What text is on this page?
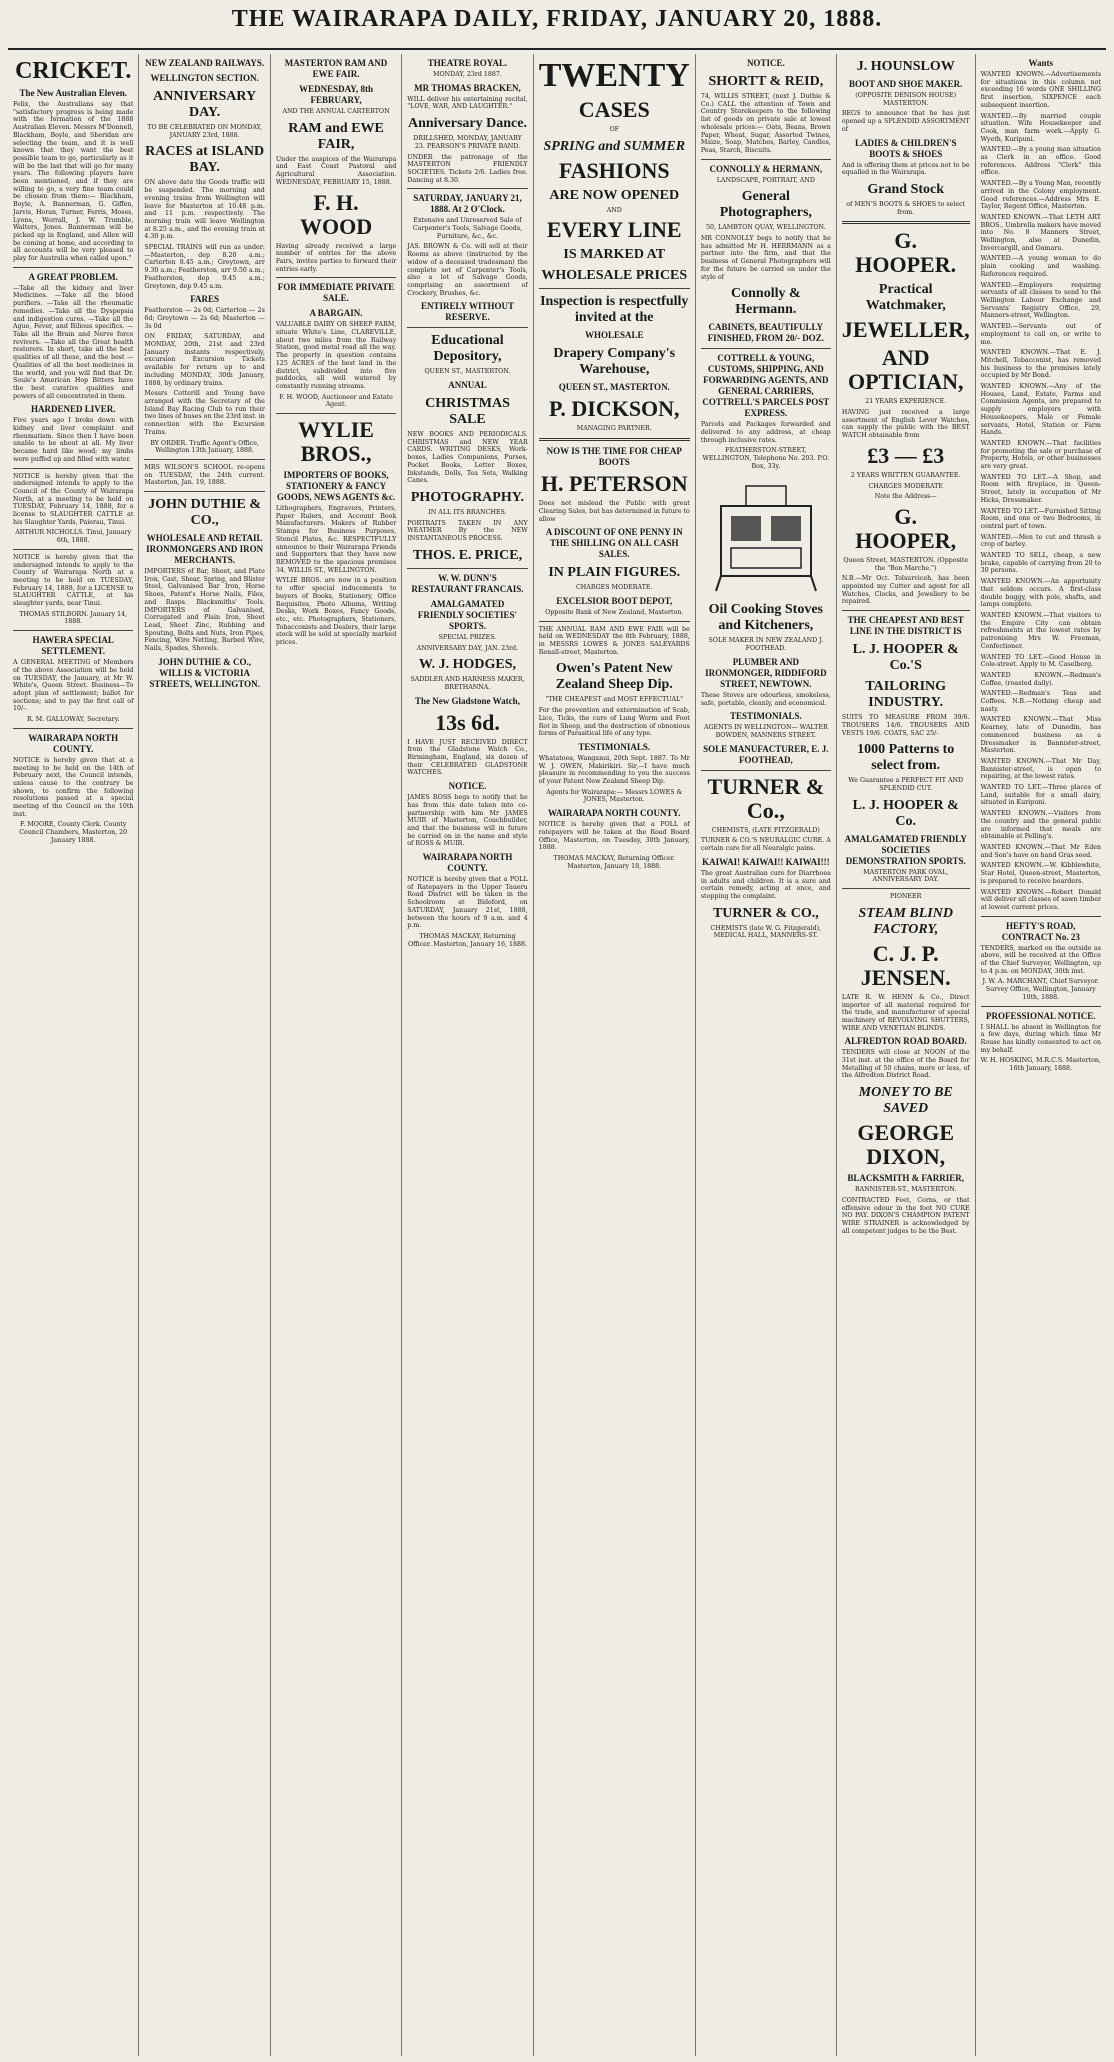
THE WAIRARAPA DAILY, FRIDAY, JANUARY 20, 1888.
CRICKET.
The New Australian Eleven.

Felix, the Australians say that "satisfactory progress is being made with the formation of the 1888 Australian Eleven. Messrs M'Donnell, Blackham, Boyle, and Sheridan are selecting the team, and it is well known that they want the best possible team to go, particularly as it will be the last that will go for many years. The following players have been mentioned, and if they are willing to go, a very fine team could be chosen from them:— Blackham, Boyle, A. Bannerman, G. Giffen, Jarvis, Horan, Turner, Ferris, Moses, Lyons, Worrall, J. W. Trumble, Walters, Jones. Bannerman will be picked up in England, and Allen will be coming at home, and according to all accounts will be very pleased to play for Australia when called upon."

A GREAT PROBLEM.

—Take all the kidney and liver Medicines. —Take all the blood purifiers. —Take all the rheumatic remedies. —Take all the Dyspepsia and indigestion cures. —Take all the Ague, Fever, and Bilious specifics. —Take all the Brain and Nerve force revivers. —Take all the Great health restorers. In short, take all the best qualities of all these, and the best — Qualities of all the best medicines in the world, and you will find that Dr. Soule's American Hop Bitters have the best curative qualities and powers of all concentrated in them.

HARDENED LIVER.

Five years ago I broke down with kidney and liver complaint and rheumatism. Since then I have been unable to be about at all. My liver became hard like wood; my limbs were puffed up and filled with water.

NOTICE is hereby given that the undersigned intends to apply to the Council of the County of Wairarapa North, at a meeting to be held on TUESDAY, February 14, 1888, for a license to SLAUGHTER CATTLE at his Slaughter Yards, Paierau, Tinui.

ARTHUR NICHOLLS. Tinui, January 6th, 1888.

NOTICE is hereby given that the undersigned intends to apply to the County of Wairarapa North at a meeting to be held on TUESDAY, February 14, 1888, for a LICENSE to SLAUGHTER CATTLE, at his slaughter yards, near Tinui.

THOMAS STILBORN. January 14, 1888.

HAWERA SPECIAL SETTLEMENT.

A GENERAL MEETING of Members of the above Association will be held on TUESDAY, the January, at Mr W. White's, Queen Street. Business—To adopt plan of settlement; ballot for sections; and to pay the first call of 10/-.

R. M. GALLOWAY, Secretary.

WAIRARAPA NORTH COUNTY.

NOTICE is hereby given that at a meeting to be held on the 14th of February next, the Council intends, unless cause to the contrary be shown, to confirm the following resolutions passed at a special meeting of the Council on the 10th inst.

F. MOORE, County Clerk. County Council Chambers, Masterton, 20 January 1888.

NEW ZEALAND RAILWAYS.
WELLINGTON SECTION.
ANNIVERSARY DAY.

TO BE CELEBRATED ON MONDAY, JANUARY 23rd, 1888.

RACES at ISLAND BAY.

ON above date the Goods traffic will be suspended. The morning and evening trains from Wellington will leave for Masterton at 10.48 p.m. and 11 p.m. respectively. The morning train will leave Wellington at 8.25 a.m., and the evening train at 4.30 p.m.

SPECIAL TRAINS will run as under:—Masterton, dep 8.20 a.m.; Carterton 8.45 a.m.; Greytown, arr 9.30 a.m.; Featherston, arr 9.50 a.m.; Featherston, dep 9.45 a.m.; Greytown, dep 9.45 a.m.

FARES

Featherston — 2s 0d; Carterton — 2s 6d; Greytown — 2s 6d; Masterton — 3s 0d

ON FRIDAY, SATURDAY, and MONDAY, 20th, 21st and 23rd January instants respectively, excursion Excursion Tickets available for return up to and including MONDAY, 30th January, 1888, by ordinary trains.

Messrs Cotterill and Young have arranged with the Secretary of the Island Bay Racing Club to run their two lines of buses on the 23rd inst. in connection with the Excursion Trains.

BY ORDER. Traffic Agent's Office, Wellington 13th January, 1888.

MRS WILSON'S SCHOOL re-opens on TUESDAY, the 24th current. Masterton, Jan. 19, 1888.

JOHN DUTHIE & CO.,
WHOLESALE AND RETAIL IRONMONGERS AND IRON MERCHANTS.

IMPORTERS of Bar, Sheet, and Plate Iron, Cast, Shear, Spring, and Blister Steel, Galvanised Bar Iron, Horse Shoes, Patent's Horse Nails, Files, and Rasps. Blacksmiths' Tools. IMPORTERS of Galvanised, Corrugated and Plain Iron, Sheet Lead, Sheet Zinc, Rubbing and Spouting, Bolts and Nuts, Iron Pipes, Fencing, Wire Netting, Barbed Wire, Nails, Spades, Shovels.

JOHN DUTHIE & CO., WILLIS & VICTORIA STREETS, WELLINGTON.
MASTERTON RAM AND EWE FAIR.
WEDNESDAY, 8th FEBRUARY,

AND THE ANNUAL CARTERTON

RAM and EWE FAIR,

Under the auspices of the Wairarapa and East Coast Pastoral and Agricultural Association. WEDNESDAY, FEBRUARY 15, 1888.

F. H. WOOD

Having already received a large number of entries for the above Fairs, invites parties to forward their entries early.

FOR IMMEDIATE PRIVATE SALE.
A BARGAIN.

VALUABLE DAIRY OR SHEEP FARM, situate White's Line, CLAREVILLE, about two miles from the Railway Station, good metal road all the way. The property in question contains 125 ACRES of the best land in the district, subdivided into five paddocks, all well watered by constantly running streams.

F. H. WOOD, Auctioneer and Estate Agent.

WYLIE BROS.,
IMPORTERS OF BOOKS, STATIONERY & FANCY GOODS, NEWS AGENTS &c.

Lithographers, Engravers, Printers, Paper Rulers, and Account Book Manufacturers. Makers of Rubber Stamps for Business Purposes, Stencil Plates, &c. RESPECTFULLY announce to their Wairarapa Friends and Supporters that they have now REMOVED to the spacious premises 34, WILLIS ST., WELLINGTON.

WYLIE BROS. are now in a position to offer special inducements to buyers of Books, Stationery, Office Requisites, Photo Albums, Writing Desks, Work Boxes, Fancy Goods, etc., etc. Photographers, Stationers, Tobacconists and Dealers, their large stock will be sold at specially marked prices.

THEATRE ROYAL.

MONDAY, 23rd 1887.

MR THOMAS BRACKEN,

WILL deliver his entertaining recital, "LOVE, WAR, AND LAUGHTER."

Anniversary Dance.

DRILLSHED, MONDAY, JANUARY 23. PEARSON'S PRIVATE BAND.

UNDER the patronage of the MASTERTON FRIENDLY SOCIETIES. Tickets 2/6. Ladies free. Dancing at 8.30.

SATURDAY, JANUARY 21, 1888. At 2 O'Clock.

Extensive and Unreserved Sale of Carpenter's Tools, Salvage Goods, Furniture, &c., &c.

JAS. BROWN & Co. will sell at their Rooms as above (instructed by the widow of a deceased tradesman) the complete set of Carpenter's Tools, also a lot of Salvage Goods, comprising an assortment of Crockery, Brushes, &c.

ENTIRELY WITHOUT RESERVE.
Educational Depository,

QUEEN ST., MASTERTON.

ANNUAL
CHRISTMAS SALE

NEW BOOKS AND PERIODICALS. CHRISTMAS and NEW YEAR CARDS. WRITING DESKS, Work-boxes, Ladies Companions, Purses, Pocket Books, Letter Boxes, Inkstands, Dolls, Tea Sets, Walking Canes.

PHOTOGRAPHY.

IN ALL ITS BRANCHES.

PORTRAITS TAKEN IN ANY WEATHER By the NEW INSTANTANEOUS PROCESS.

THOS. E. PRICE,
W. W. DUNN'S RESTAURANT FRANCAIS.
AMALGAMATED FRIENDLY SOCIETIES' SPORTS.

SPECIAL PRIZES.

ANNIVERSARY DAY, JAN. 23rd.

W. J. HODGES,

SADDLER AND HARNESS MAKER, BRETHANNA.

The New Gladstone Watch,
13s 6d.

I HAVE JUST RECEIVED DIRECT from the Gladstone Watch Co., Birmingham, England, six dozen of their CELEBRATED GLADSTONE WATCHES.

NOTICE.

JAMES ROSS begs to notify that he has from this date taken into co-partnership with him Mr JAMES MUIR of Masterton, Coachbuilder, and that the business will in future be carried on in the name and style of ROSS & MUIR.

WAIRARAPA NORTH COUNTY.

NOTICE is hereby given that a POLL of Ratepayers in the Upper Taueru Road District will be taken in the Schoolroom at Bideford, on SATURDAY, January 21st, 1888, between the hours of 9 a.m. and 4 p.m.

THOMAS MACKAY, Returning Officer. Masterton, January 16, 1888.

TWENTY
CASES

OF

SPRING and SUMMER
FASHIONS
ARE NOW OPENED

AND

EVERY LINE
IS MARKED AT
WHOLESALE PRICES
Inspection is respectfully invited at the
WHOLESALE
Drapery Company's Warehouse,
QUEEN ST., MASTERTON.
P. DICKSON,

MANAGING PARTNER.

NOW IS THE TIME FOR CHEAP BOOTS
H. PETERSON

Does not mislead the Public with great Clearing Sales, but has determined in future to allow

A DISCOUNT OF ONE PENNY IN THE SHILLING ON ALL CASH SALES.
IN PLAIN FIGURES.

CHARGES MODERATE.

EXCELSIOR BOOT DEPOT,

Opposite Bank of New Zealand, Masterton.

THE ANNUAL RAM AND EWE FAIR will be held on WEDNESDAY the 8th February, 1888, in MESSRS LOWES & JONES SALEYARDS Renall-street, Masterton.

Owen's Patent New Zealand Sheep Dip.

"THE CHEAPEST and MOST EFFECTUAL"

For the prevention and extermination of Scab, Lice, Ticks, the cure of Lung Worm and Foot Rot in Sheep, and the destruction of obnoxious forms of Parasitical life of any type.

TESTIMONIALS.

Whatatoea, Wanganui, 20th Sept. 1887. To Mr W. J. OWEN, Makirikiri. Sir,—I have much pleasure in recommending to you the success of your Patent New Zealand Sheep Dip.

Agents for Wairarapa:— Messrs LOWES & JONES, Masterton.

WAIRARAPA NORTH COUNTY.

NOTICE is hereby given that a POLL of ratepayers will be taken at the Road Board Office, Masterton, on Tuesday, 30th January, 1888.

THOMAS MACKAY, Returning Officer. Masterton, January 18, 1888.

NOTICE.
SHORTT & REID,

74, WILLIS STREET, (next J. Duthie & Co.) CALL the attention of Town and Country Storekeepers to the following list of goods on private sale at lowest wholesale prices:— Oats, Beans, Brown Paper, Wheat, Sugar, Assorted Twines, Maize, Soap, Matches, Barley, Candles, Peas, Starch, Biscuits.

CONNOLLY & HERMANN,

LANDSCAPE, PORTRAIT, AND

General Photographers,

50, LAMBTON QUAY, WELLINGTON.

MR CONNOLLY begs to notify that he has admitted Mr H. HERRMANN as a partner into the firm, and that the business of General Photographers will for the future be carried on under the style of

Connolly & Hermann.
CABINETS, BEAUTIFULLY FINISHED, FROM 20/- DOZ.
COTTRELL & YOUNG, CUSTOMS, SHIPPING, AND FORWARDING AGENTS, AND GENERAL CARRIERS, COTTRELL'S PARCELS POST EXPRESS.

Parcels and Packages forwarded and delivered to any address, at cheap through inclusive rates.

FEATHERSTON-STREET, WELLINGTON, Telephone No. 203. P.O. Box, 33y.

Oil Cooking Stoves and Kitcheners,

SOLE MAKER IN NEW ZEALAND J. FOOTHEAD.

PLUMBER AND IRONMONGER, RIDDIFORD STREET, NEWTOWN.

These Stoves are odourless, smokeless, safe, portable, cleanly, and economical.

TESTIMONIALS.

AGENTS IN WELLINGTON— WALTER BOWDEN, MANNERS STREET.

SOLE MANUFACTURER, E. J. FOOTHEAD,
TURNER & Co.,

CHEMISTS, (LATE FITZGERALD)

TURNER & CO.'S NEURALGIC CURE. A certain cure for all Neuralgic pains.

KAIWAI! KAIWAI!! KAIWAI!!!

The great Australian cure for Diarrhoea in adults and children. It is a sure and certain remedy, acting at once, and stopping the complaint.

TURNER & CO.,

CHEMISTS (late W. G. Fitzgerald), MEDICAL HALL, MANNERS-ST.

J. HOUNSLOW
BOOT AND SHOE MAKER.

(OPPOSITE DENISON HOUSE) MASTERTON.

BEGS to announce that he has just opened up a SPLENDID ASSORTMENT of

LADIES & CHILDREN'S BOOTS & SHOES

And is offering them at prices not to be equalled in the Wairarapa.

Grand Stock

of MEN'S BOOTS & SHOES to select from.

G. HOOPER.
Practical Watchmaker,
JEWELLER,
AND OPTICIAN,

21 YEARS EXPERIENCE.

HAVING just received a large assortment of English Lever Watches, can supply the public with the BEST WATCH obtainable from

£3 — £3

2 YEARS WRITTEN GUARANTEE.

CHARGES MODERATE

Note the Address—

G. HOOPER,

Queen Street, MASTERTON. (Opposite the "Bon Marche.")

N.B.—Mr Oct. Tolsurviceh, has been appointed my Cutter and agent for all Watches, Clocks, and Jewellery to be repaired.

THE CHEAPEST AND BEST LINE IN THE DISTRICT IS
L. J. HOOPER & Co.'S
TAILORING INDUSTRY.

SUITS TO MEASURE FROM 39/6. TROUSERS 14/6. TROUSERS AND VESTS 19/6. COATS, SAC 25/-

1000 Patterns to select from.

We Guarantee a PERFECT FIT AND SPLENDID CUT.

L. J. HOOPER & Co.
AMALGAMATED FRIENDLY SOCIETIES DEMONSTRATION SPORTS.

MASTERTON PARK OVAL, ANNIVERSARY DAY.

PIONEER

STEAM BLIND FACTORY,
C. J. P. JENSEN.

LATE R. W. HENN & Co., Direct importer of all material required for the trade, and manufacturer of special machinery of REVOLVING SHUTTERS, WIRE AND VENETIAN BLINDS.

ALFREDTON ROAD BOARD.

TENDERS will close at NOON of the 31st inst. at the office of the Board for Metalling of 50 chains, more or less, of the Alfredton District Road.

MONEY TO BE SAVED
GEORGE DIXON,
BLACKSMITH & FARRIER,

BANNISTER-ST., MASTERTON.

CONTRACTED Feet, Corns, or that offensive odour in the foot NO CURE NO PAY. DIXON'S CHAMPION PATENT WIRE STRAINER is acknowledged by all competent judges to be the Best.

Wants

WANTED KNOWN.—Advertisements for situations in this column not exceeding 16 words ONE SHILLING first insertion, SIXPENCE each subsequent insertion.

WANTED.—By married couple situation. Wife Housekeeper and Cook, man farm work.—Apply G. Wyeth, Kuripuni.

WANTED.—By a young man situation as Clerk in an office. Good references. Address "Clerk" this office.

WANTED.—By a Young Man, recently arrived in the Colony employment. Good references.—Address Mrs E. Taylor, Regent Office, Masterton.

WANTED KNOWN.—That LETH ART BROS., Umbrella makers have moved into No. 8 Manners Street, Wellington, also at Dunedin, Invercargill, and Oamaru.

WANTED.—A young woman to do plain cooking and washing. References required.

WANTED.—Employers requiring servants of all classes to send to the Wellington Labour Exchange and Servants' Registry Office, 29, Manners-street, Wellington.

WANTED.—Servants out of employment to call on, or write to me.

WANTED KNOWN.—That E. J. Mitchell, Tobacconist, has removed his business to the premises lately occupied by Mr Bond.

WANTED KNOWN.—Any of the Houses, Land, Estate, Farms and Commission Agents, are prepared to supply employers with Housekeepers, Male or Female servants, Hotel, Station or Farm Hands.

WANTED KNOWN.—That facilities for promoting the sale or purchase of Property, Hotels, or other businesses are very great.

WANTED TO LET.—A Shop, and Room with fireplace, in Queen-Street, lately in occupation of Mr Hicks, Dressmaker.

WANTED TO LET.—Furnished Sitting Room, and one or two Bedrooms, in central part of town.

WANTED.—Men to cut and thrash a crop of barley.

WANTED TO SELL, cheap, a new brake, capable of carrying from 20 to 30 persons.

WANTED KNOWN.—An apportunity that seldom occurs. A first-class double buggy, with pole, shafts, and lamps complete.

WANTED KNOWN.—That visitors to the Empire City can obtain refreshments at the lowest rates by patronising Mrs W. Freeman, Confectioner.

WANTED TO LET.—Good House in Cole-street. Apply to M. Caselberg.

WANTED KNOWN.—Redman's Coffee, (roasted daily).

WANTED.—Redman's Teas and Coffees. N.B.—Nothing cheap and nasty.

WANTED KNOWN.—That Miss Kearney, late of Dunedin, has commenced business as a Dressmaker in Bannister-street, Masterton.

WANTED KNOWN.—That Mr Day, Bannister-street, is open to repairing, at the lowest rates.

WANTED TO LET.—Three places of Land, suitable for a small dairy, situated in Kuripuni.

WANTED KNOWN.—Visitors from the country and the general public are informed that meals are obtainable at Pelling's.

WANTED KNOWN.—That Mr Eden and Son's have on hand Gras seed.

WANTED KNOWN.—W. Kibblewhite, Star Hotel, Queen-street, Masterton, is prepared to receive boarders.

WANTED KNOWN.—Robert Donald will deliver all classes of sawn timber at lowest current prices.

HEFTY'S ROAD, CONTRACT No. 23

TENDERS, marked on the outside as above, will be received at the Office of the Chief Surveyor, Wellington, up to 4 p.m. on MONDAY, 30th inst.

J. W. A. MARCHANT, Chief Surveyor. Survey Office, Wellington, January 10th, 1888.

PROFESSIONAL NOTICE.

I SHALL be absent in Wellington for a few days, during which time Mr Rouse has kindly consented to act on my behalf.

W. H. HOSKING, M.R.C.S. Masterton, 16th January, 1888.
